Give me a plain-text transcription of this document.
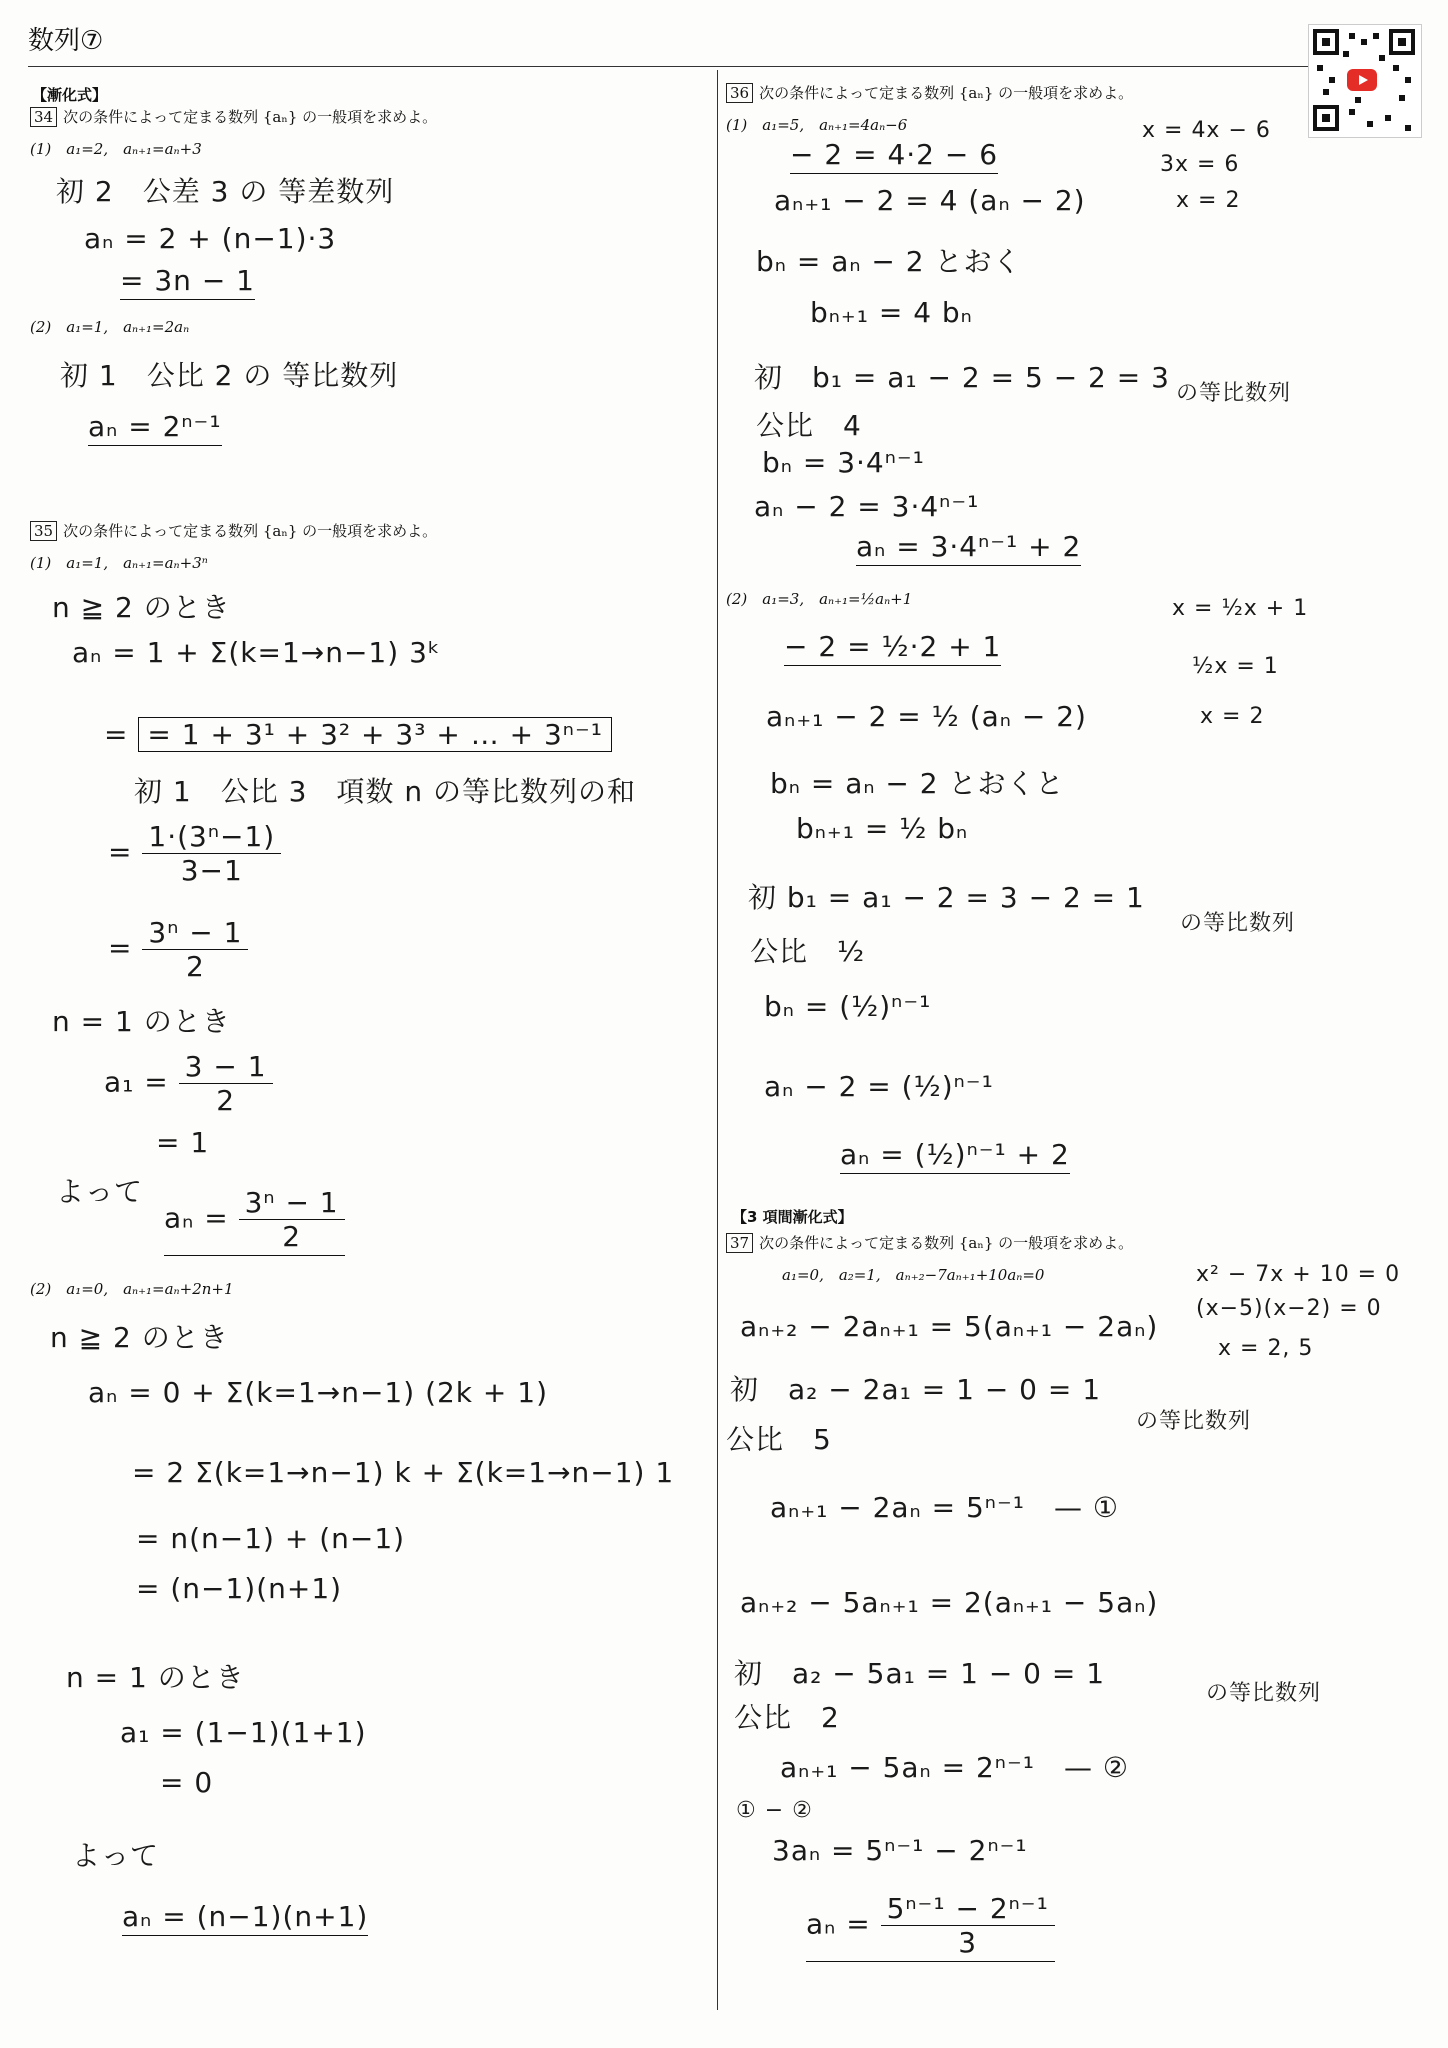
数列⑦
【漸化式】
34 次の条件によって定まる数列 {aₙ} の一般項を求めよ。
(1)　a₁=2,　aₙ₊₁=aₙ+3
初 2　公差 3 の 等差数列
aₙ = 2 + (n−1)·3
= 3n − 1
(2)　a₁=1,　aₙ₊₁=2aₙ
初 1　公比 2 の 等比数列
aₙ = 2ⁿ⁻¹
35 次の条件によって定まる数列 {aₙ} の一般項を求めよ。
(1)　a₁=1,　aₙ₊₁=aₙ+3ⁿ
n ≧ 2 のとき
aₙ = 1 + Σ(k=1→n−1) 3ᵏ
= = 1 + 3¹ + 3² + 3³ + … + 3ⁿ⁻¹
初 1　公比 3　項数 n の等比数列の和
= $\frac{\text{1·(3ⁿ−1)}}{3-1}$
= $\frac{\text{3ⁿ − 1}}{2}$
n = 1 のとき
$a_1 = \frac{3 - 1}{2}$
= 1
よって
$a_n = \frac{\text{3ⁿ − 1}}{2}$
(2)　a₁=0,　aₙ₊₁=aₙ+2n+1
n ≧ 2 のとき
aₙ = 0 + Σ(k=1→n−1) (2k + 1)
= 2 Σ(k=1→n−1) k + Σ(k=1→n−1) 1
= n(n−1) + (n−1)
= (n−1)(n+1)
n = 1 のとき
a₁ = (1−1)(1+1)
= 0
よって
aₙ = (n−1)(n+1)
36 次の条件によって定まる数列 {aₙ} の一般項を求めよ。
(1)　a₁=5,　aₙ₊₁=4aₙ−6
− 2 = 4·2 − 6
aₙ₊₁ − 2 = 4 (aₙ − 2)
bₙ = aₙ − 2 とおく
bₙ₊₁ = 4 bₙ
初　b₁ = a₁ − 2 = 5 − 2 = 3
公比　4
bₙ = 3·4ⁿ⁻¹
aₙ − 2 = 3·4ⁿ⁻¹
aₙ = 3·4ⁿ⁻¹ + 2
x = 4x − 6
3x = 6
x = 2
の等比数列
(2)　a₁=3,　aₙ₊₁=½aₙ+1
− 2 = ½·2 + 1
aₙ₊₁ − 2 = ½ (aₙ − 2)
bₙ = aₙ − 2 とおくと
bₙ₊₁ = ½ bₙ
初 b₁ = a₁ − 2 = 3 − 2 = 1
公比　½
bₙ = (½)ⁿ⁻¹
aₙ − 2 = (½)ⁿ⁻¹
aₙ = (½)ⁿ⁻¹ + 2
x = ½x + 1
½x = 1
x = 2
の等比数列
【3 項間漸化式】
37 次の条件によって定まる数列 {aₙ} の一般項を求めよ。
a₁=0,　a₂=1,　aₙ₊₂−7aₙ₊₁+10aₙ=0
aₙ₊₂ − 2aₙ₊₁ = 5(aₙ₊₁ − 2aₙ)
初　a₂ − 2a₁ = 1 − 0 = 1
公比　5
aₙ₊₁ − 2aₙ = 5ⁿ⁻¹　— ①
aₙ₊₂ − 5aₙ₊₁ = 2(aₙ₊₁ − 5aₙ)
初　a₂ − 5a₁ = 1 − 0 = 1
公比　2
aₙ₊₁ − 5aₙ = 2ⁿ⁻¹　— ②
① − ②
3aₙ = 5ⁿ⁻¹ − 2ⁿ⁻¹
$a_n = \frac{\text{5ⁿ⁻¹ − 2ⁿ⁻¹}}{3}$
x² − 7x + 10 = 0
(x−5)(x−2) = 0
x = 2, 5
の等比数列
の等比数列
